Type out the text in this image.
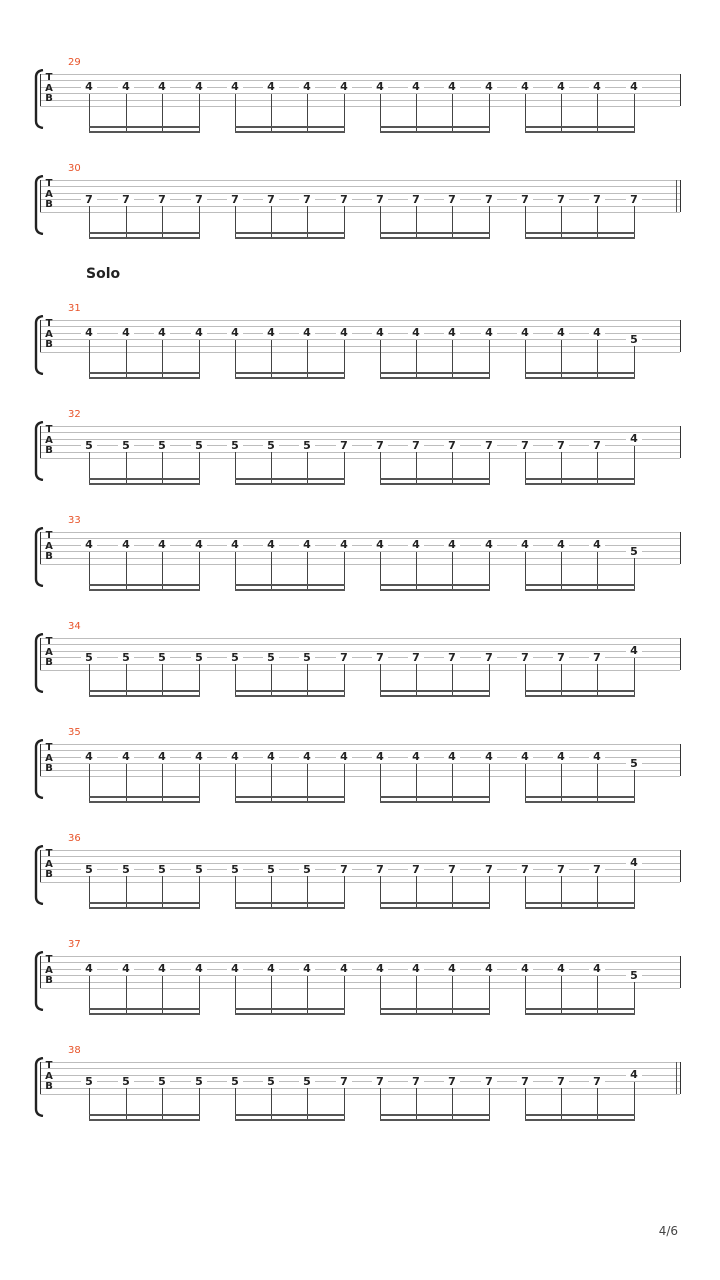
Solo
29
T
A
B
4	4	4	4	4	4	4	4	4	4	4	4	4	4	4	4
30
T
A
B	7	7	7	7	7	7	7	7	7	7	7	7	7	7	7	7
31
T
A
B
4	4	4	4	4	4	4	4	4	4	4	4	4	4	4	5
32
T
A
B	5	5	5	5	5	5	5	7	7	7	7	7	7	7	7	4
33
T
A
B
4	4	4	4	4	4	4	4	4	4	4	4	4	4	4	5
34
T
A
B	5	5	5	5	5	5	5	7	7	7	7	7	7	7	7	4
35
T
A
B
4	4	4	4	4	4	4	4	4	4	4	4	4	4	4	5
36
T
A
B	5	5	5	5	5	5	5	7	7	7	7	7	7	7	7	4
37
T
A
B
4	4	4	4	4	4	4	4	4	4	4	4	4	4	4	5
38
T
A
B	5	5	5	5	5	5	5	7	7	7	7	7	7	7	7	4
4/6
